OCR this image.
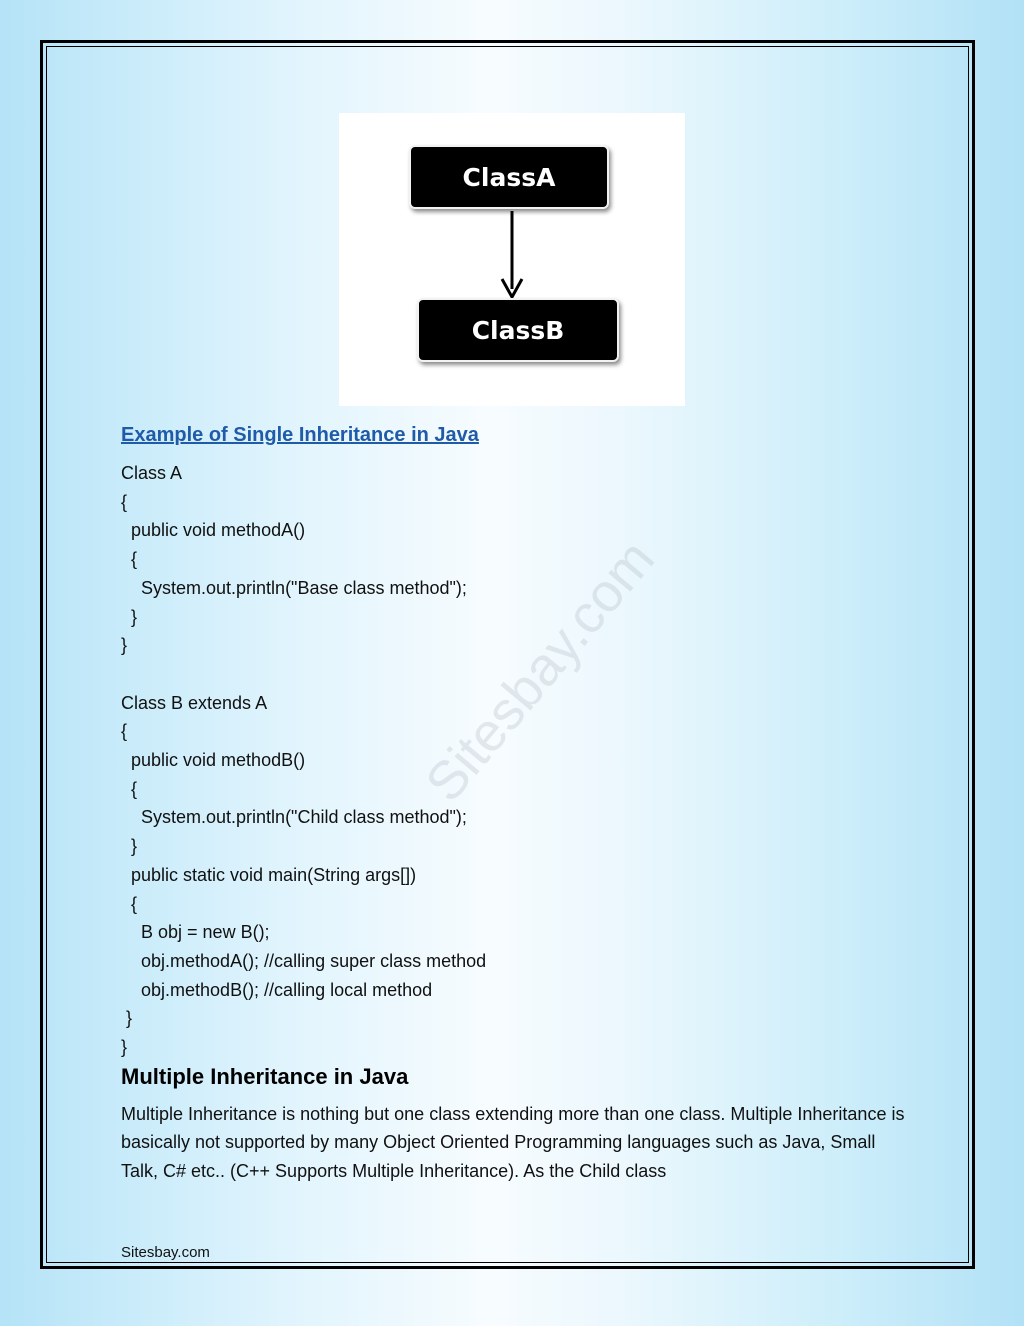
ClassA
ClassB
Sitesbay.com
Example of Single Inheritance in Java
Class A
{
public void methodA()
{
System.out.println("Base class method");
}
}
Class B extends A
{
public void methodB()
{
System.out.println("Child class method");
}
public static void main(String args[])
{
B obj = new B();
obj.methodA(); //calling super class method
obj.methodB(); //calling local method
}
}
Multiple Inheritance in Java

Multiple Inheritance is nothing but one class extending more than one class. Multiple Inheritance is basically not supported by many Object Oriented Programming languages such as Java, Small Talk, C# etc.. (C++ Supports Multiple Inheritance). As the Child class

Sitesbay.com
